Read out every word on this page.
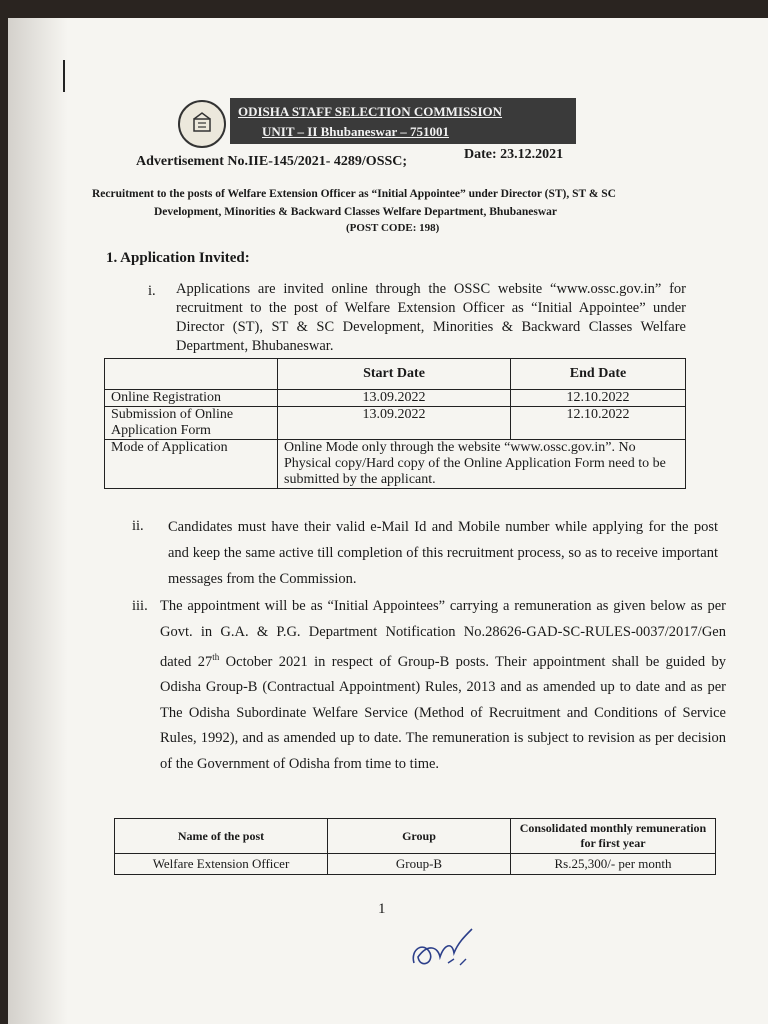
ODISHA STAFF SELECTION COMMISSION
UNIT – II Bhubaneswar – 751001
Advertisement No.IIE-145/2021- 4289/OSSC;	Date: 23.12.2021
Recruitment to the posts of Welfare Extension Officer as “Initial Appointee” under Director (ST), ST & SC
Development, Minorities & Backward Classes Welfare Department, Bhubaneswar
(POST CODE: 198)
1. Application Invited:
i. Applications are invited online through the OSSC website “www.ossc.gov.in” for recruitment to the post of Welfare Extension Officer as “Initial Appointee” under Director (ST), ST & SC Development, Minorities & Backward Classes Welfare Department, Bhubaneswar.
	Start Date	End Date
Online Registration	13.09.2022	12.10.2022
Submission of Online Application Form	13.09.2022	12.10.2022
Mode of Application	Online Mode only through the website “www.ossc.gov.in”. No Physical copy/Hard copy of the Online Application Form need to be submitted by the applicant.	
ii. Candidates must have their valid e-Mail Id and Mobile number while applying for the post and keep the same active till completion of this recruitment process, so as to receive important messages from the Commission.
iii. The appointment will be as “Initial Appointees” carrying a remuneration as given below as per Govt. in G.A. & P.G. Department Notification No.28626-GAD-SC-RULES-0037/2017/Gen dated 27th October 2021 in respect of Group-B posts. Their appointment shall be guided by Odisha Group-B (Contractual Appointment) Rules, 2013 and as amended up to date and as per The Odisha Subordinate Welfare Service (Method of Recruitment and Conditions of Service Rules, 1992), and as amended up to date. The remuneration is subject to revision as per decision of the Government of Odisha from time to time.
Name of the post	Group	Consolidated monthly remuneration for first year
Welfare Extension Officer	Group-B	Rs.25,300/- per month
1
